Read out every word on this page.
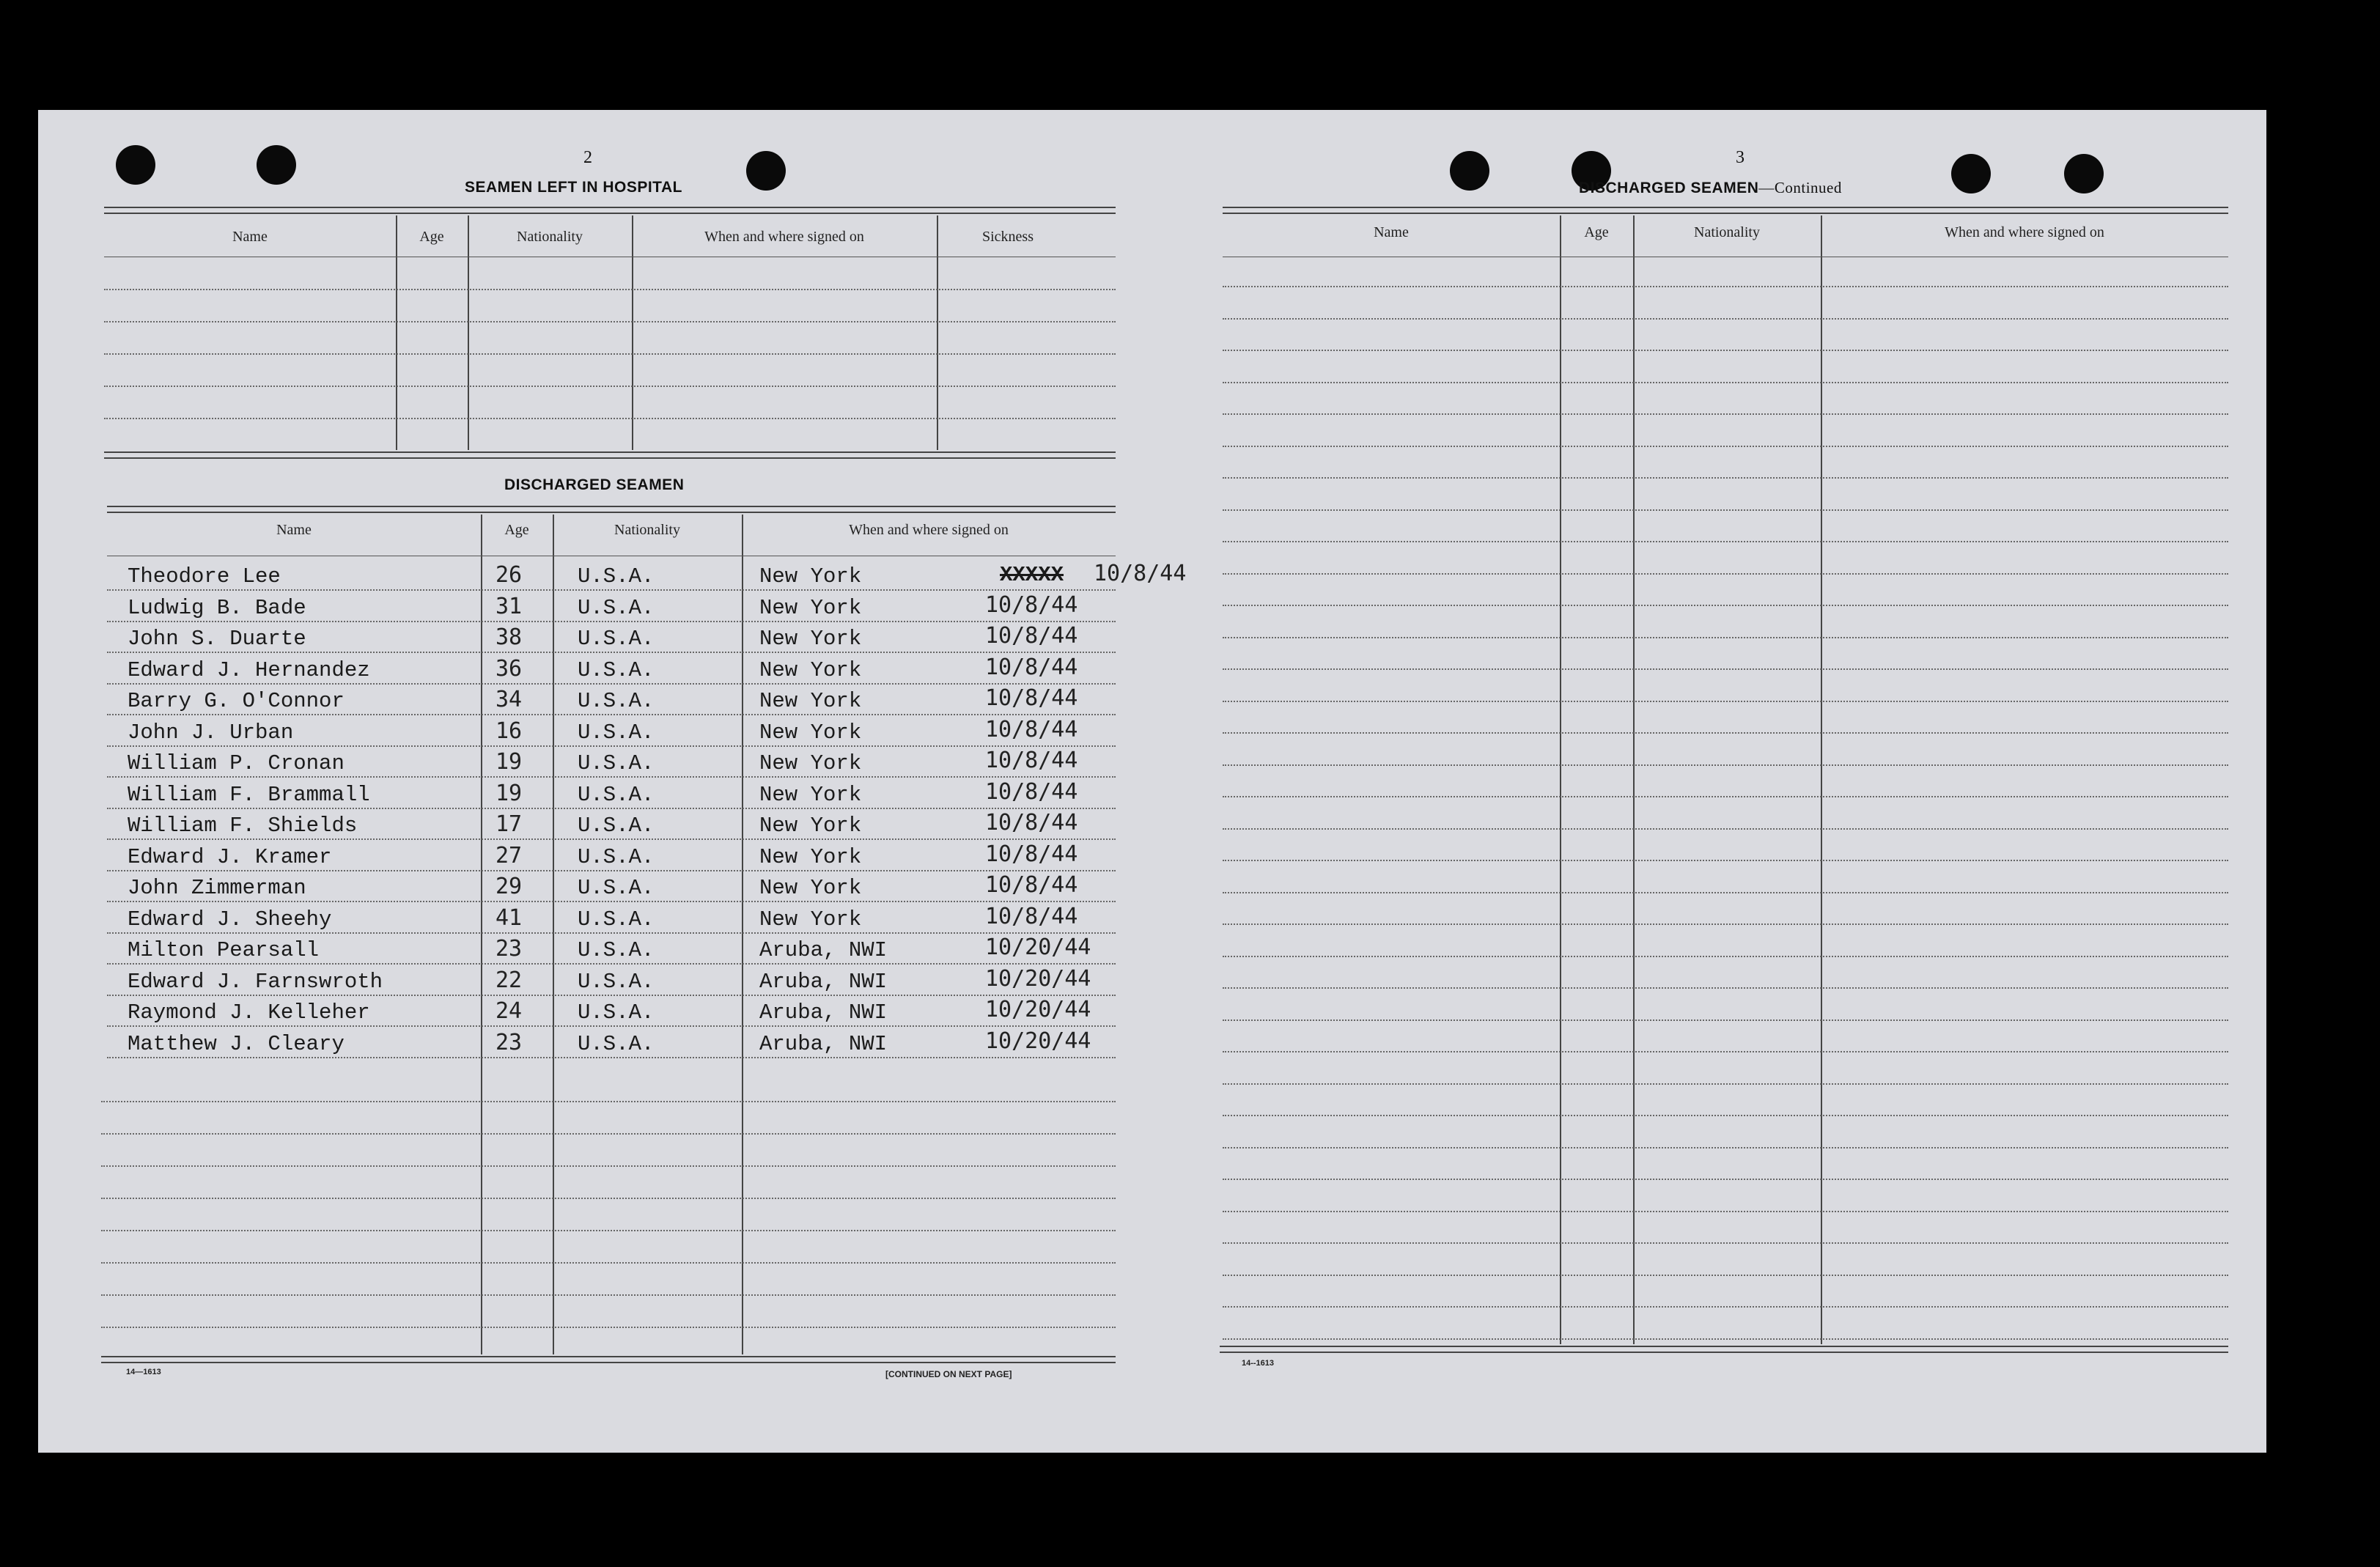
2
SEAMEN LEFT IN HOSPITAL
Name	Age	Nationality	When and where signed on	Sickness
DISCHARGED SEAMEN
Name	Age	Nationality	When and where signed on
Theodore Lee	26	U.S.A.	New York	XXXXX 10/8/44
Ludwig B. Bade	31	U.S.A.	New York	10/8/44
John S. Duarte	38	U.S.A.	New York	10/8/44
Edward J. Hernandez	36	U.S.A.	New York	10/8/44
Barry G. O'Connor	34	U.S.A.	New York	10/8/44
John J. Urban	16	U.S.A.	New York	10/8/44
William P. Cronan	19	U.S.A.	New York	10/8/44
William F. Brammall	19	U.S.A.	New York	10/8/44
William F. Shields	17	U.S.A.	New York	10/8/44
Edward J. Kramer	27	U.S.A.	New York	10/8/44
John Zimmerman	29	U.S.A.	New York	10/8/44
Edward J. Sheehy	41	U.S.A.	New York	10/8/44
Milton Pearsall	23	U.S.A.	Aruba, NWI	10/20/44
Edward J. Farnswroth	22	U.S.A.	Aruba, NWI	10/20/44
Raymond J. Kelleher	24	U.S.A.	Aruba, NWI	10/20/44
Matthew J. Cleary	23	U.S.A.	Aruba, NWI	10/20/44
14—1613	[CONTINUED ON NEXT PAGE]
3
DISCHARGED SEAMEN—Continued
Name	Age	Nationality	When and where signed on
14--1613
